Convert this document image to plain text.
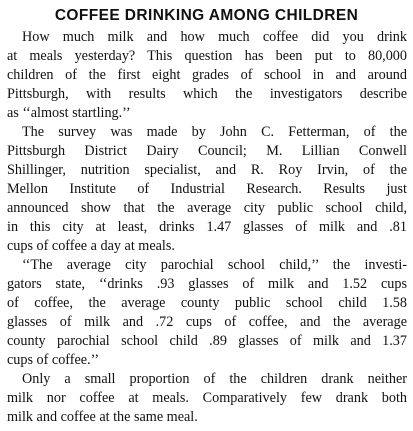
COFFEE DRINKING AMONG CHILDREN
How much milk and how much coffee did you drink
at meals yesterday? This question has been put to 80,000
children of the first eight grades of school in and around
Pittsburgh, with results which the investigators describe
as ‘‘almost startling.’’
The survey was made by John C. Fetterman, of the
Pittsburgh District Dairy Council; M. Lillian Conwell
Shillinger, nutrition specialist, and R. Roy Irvin, of the
Mellon Institute of Industrial Research. Results just
announced show that the average city public school child,
in this city at least, drinks 1.47 glasses of milk and .81
cups of coffee a day at meals.
‘‘The average city parochial school child,’’ the investi-
gators state, ‘‘drinks .93 glasses of milk and 1.52 cups
of coffee, the average county public school child 1.58
glasses of milk and .72 cups of coffee, and the average
county parochial school child .89 glasses of milk and 1.37
cups of coffee.’’
Only a small proportion of the children drank neither
milk nor coffee at meals. Comparatively few drank both
milk and coffee at the same meal.
